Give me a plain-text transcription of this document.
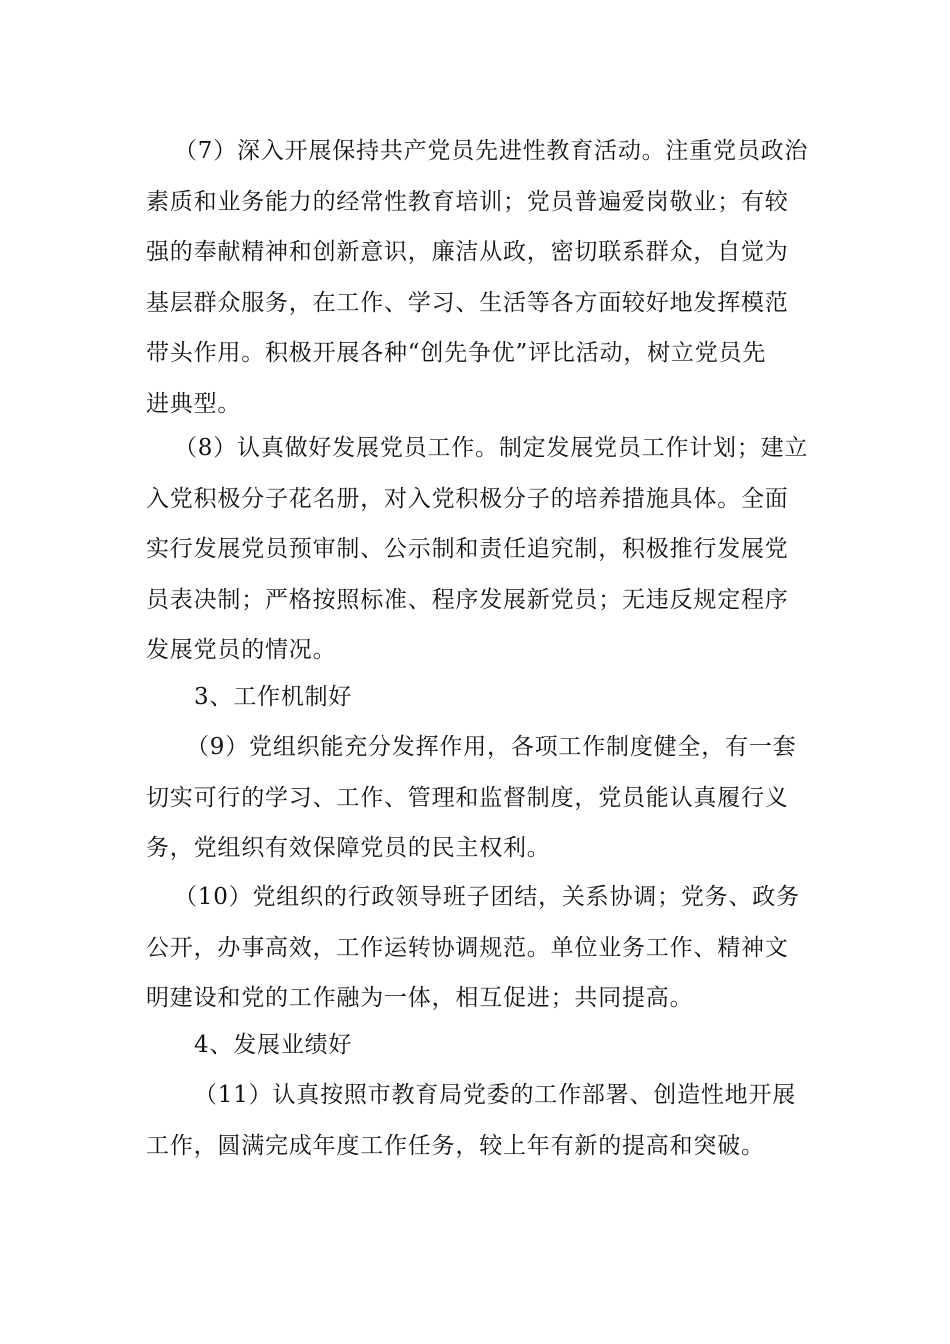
（7）深入开展保持共产党员先进性教育活动。注重党员政治
素质和业务能力的经常性教育培训；党员普遍爱岗敬业；有较
强的奉献精神和创新意识，廉洁从政，密切联系群众，自觉为
基层群众服务，在工作、学习、生活等各方面较好地发挥模范
带头作用。积极开展各种“创先争优”评比活动，树立党员先
进典型。
（8）认真做好发展党员工作。制定发展党员工作计划；建立
入党积极分子花名册，对入党积极分子的培养措施具体。全面
实行发展党员预审制、公示制和责任追究制，积极推行发展党
员表决制；严格按照标准、程序发展新党员；无违反规定程序
发展党员的情况。
3、工作机制好
（9）党组织能充分发挥作用，各项工作制度健全，有一套
切实可行的学习、工作、管理和监督制度，党员能认真履行义
务，党组织有效保障党员的民主权利。
（10）党组织的行政领导班子团结，关系协调；党务、政务
公开，办事高效，工作运转协调规范。单位业务工作、精神文
明建设和党的工作融为一体，相互促进；共同提高。
4、发展业绩好
（11）认真按照市教育局党委的工作部署、创造性地开展
工作，圆满完成年度工作任务，较上年有新的提高和突破。
